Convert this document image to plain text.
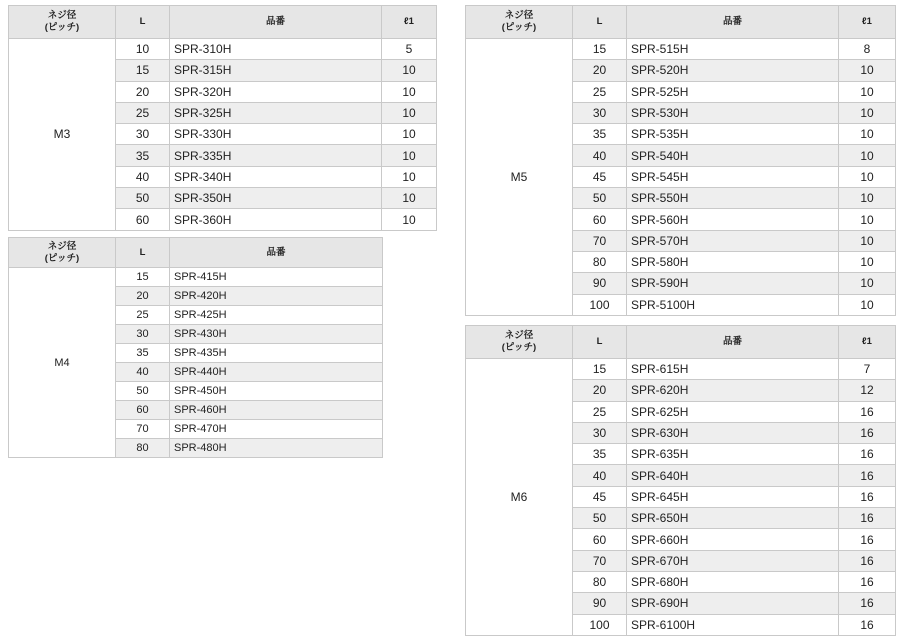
ネジ径
(ピッチ)	L	品番	ℓ1
M3	10	SPR-310H	5
	15	SPR-315H	10
	20	SPR-320H	10
	25	SPR-325H	10
	30	SPR-330H	10
	35	SPR-335H	10
	40	SPR-340H	10
	50	SPR-350H	10
	60	SPR-360H	10
ネジ径
(ピッチ)	L	品番
M4	15	SPR-415H
	20	SPR-420H
	25	SPR-425H
	30	SPR-430H
	35	SPR-435H
	40	SPR-440H
	50	SPR-450H
	60	SPR-460H
	70	SPR-470H
	80	SPR-480H
ネジ径
(ピッチ)	L	品番	ℓ1
M5	15	SPR-515H	8
	20	SPR-520H	10
	25	SPR-525H	10
	30	SPR-530H	10
	35	SPR-535H	10
	40	SPR-540H	10
	45	SPR-545H	10
	50	SPR-550H	10
	60	SPR-560H	10
	70	SPR-570H	10
	80	SPR-580H	10
	90	SPR-590H	10
	100	SPR-5100H	10
ネジ径
(ピッチ)	L	品番	ℓ1
M6	15	SPR-615H	7
	20	SPR-620H	12
	25	SPR-625H	16
	30	SPR-630H	16
	35	SPR-635H	16
	40	SPR-640H	16
	45	SPR-645H	16
	50	SPR-650H	16
	60	SPR-660H	16
	70	SPR-670H	16
	80	SPR-680H	16
	90	SPR-690H	16
	100	SPR-6100H	16
